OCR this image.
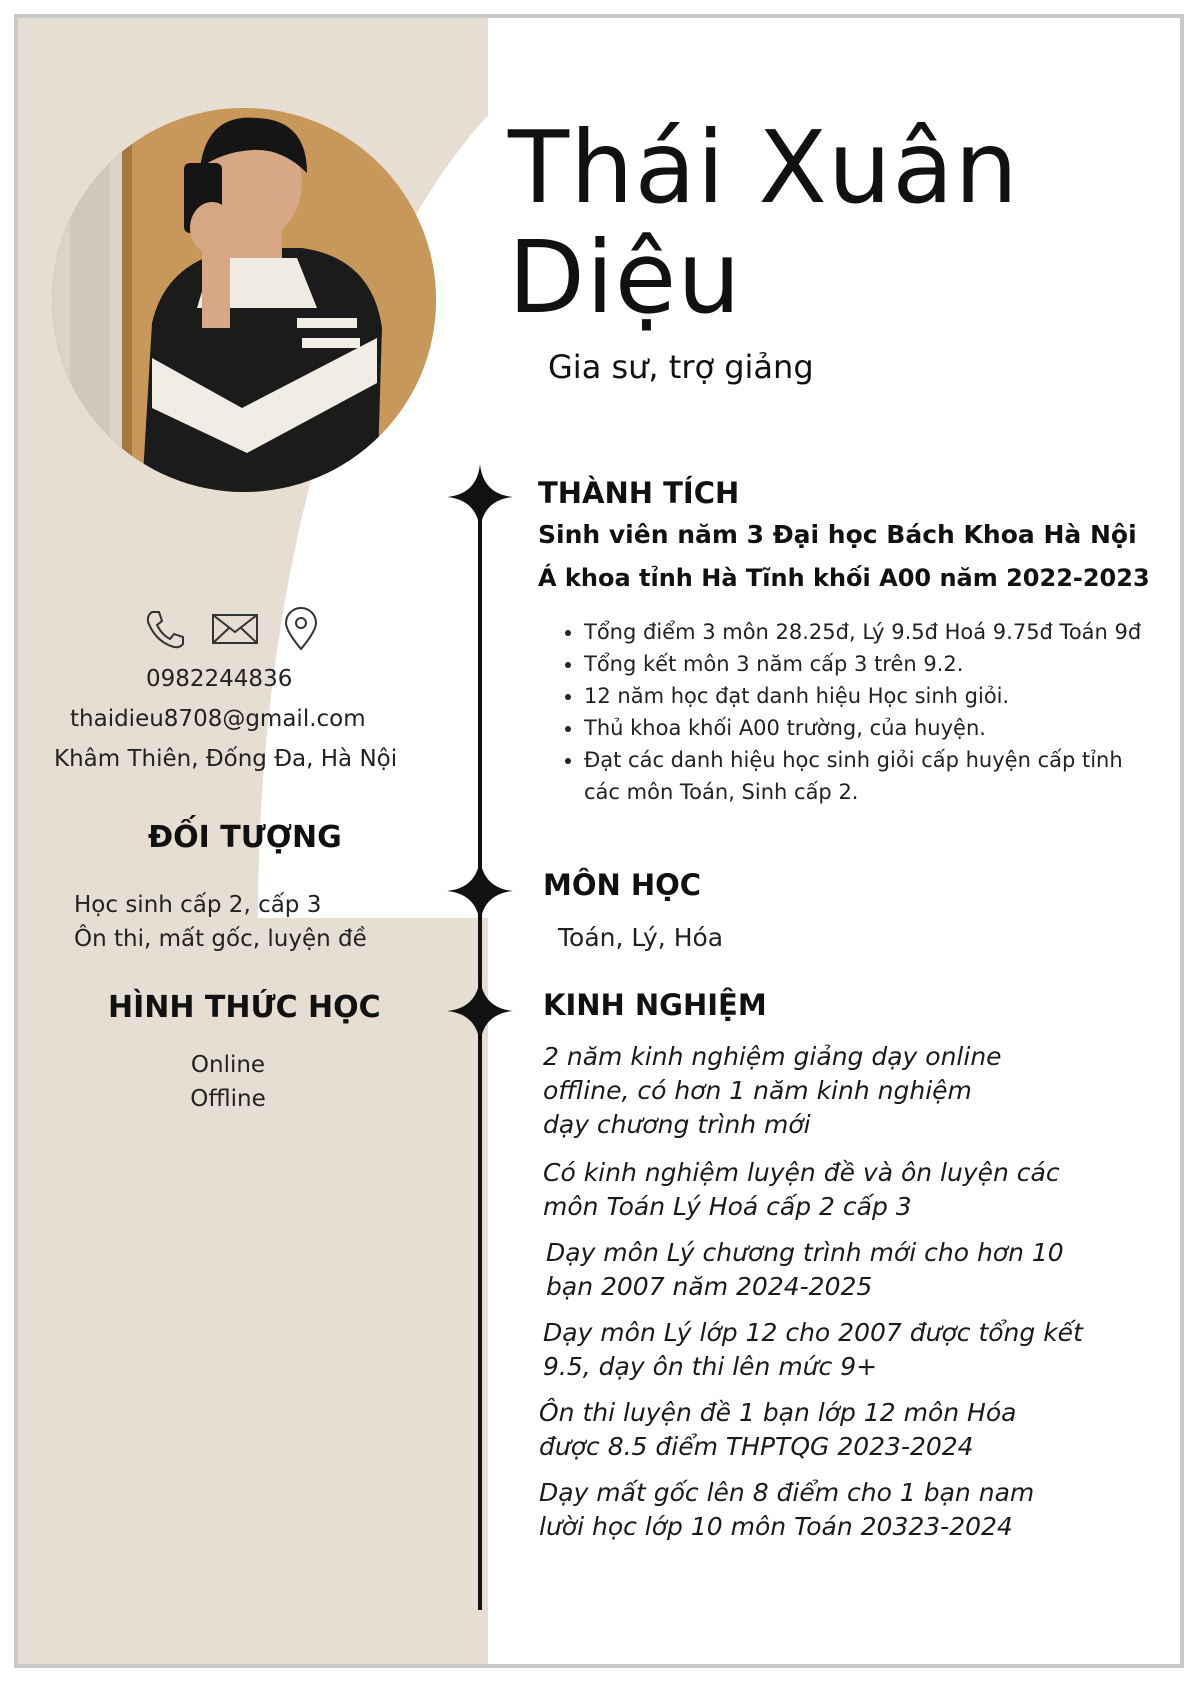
Thái Xuân
Diệu
Gia sư, trợ giảng
0982244836
thaidieu8708@gmail.com
Khâm Thiên, Đống Đa, Hà Nội
ĐỐI TƯỢNG
Học sinh cấp 2, cấp 3
Ôn thi, mất gốc, luyện đề
HÌNH THỨC HỌC
Online
Offline
THÀNH TÍCH
Sinh viên năm 3 Đại học Bách Khoa Hà Nội
Á khoa tỉnh Hà Tĩnh khối A00 năm 2022-2023
• Tổng điểm 3 môn 28.25đ, Lý 9.5đ Hoá 9.75đ Toán 9đ
• Tổng kết môn 3 năm cấp 3 trên 9.2.
• 12 năm học đạt danh hiệu Học sinh giỏi.
• Thủ khoa khối A00 trường, của huyện.
• Đạt các danh hiệu học sinh giỏi cấp huyện cấp tỉnh các môn Toán, Sinh cấp 2.
MÔN HỌC
Toán, Lý, Hóa
KINH NGHIỆM
2 năm kinh nghiệm giảng dạy online offline, có hơn 1 năm kinh nghiệm dạy chương trình mới
Có kinh nghiệm luyện đề và ôn luyện các môn Toán Lý Hoá cấp 2 cấp 3
Dạy môn Lý chương trình mới cho hơn 10 bạn 2007 năm 2024-2025
Dạy môn Lý lớp 12 cho 2007 được tổng kết 9.5, dạy ôn thi lên mức 9+
Ôn thi luyện đề 1 bạn lớp 12 môn Hóa được 8.5 điểm THPTQG 2023-2024
Dạy mất gốc lên 8 điểm cho 1 bạn nam lười học lớp 10 môn Toán 20323-2024
